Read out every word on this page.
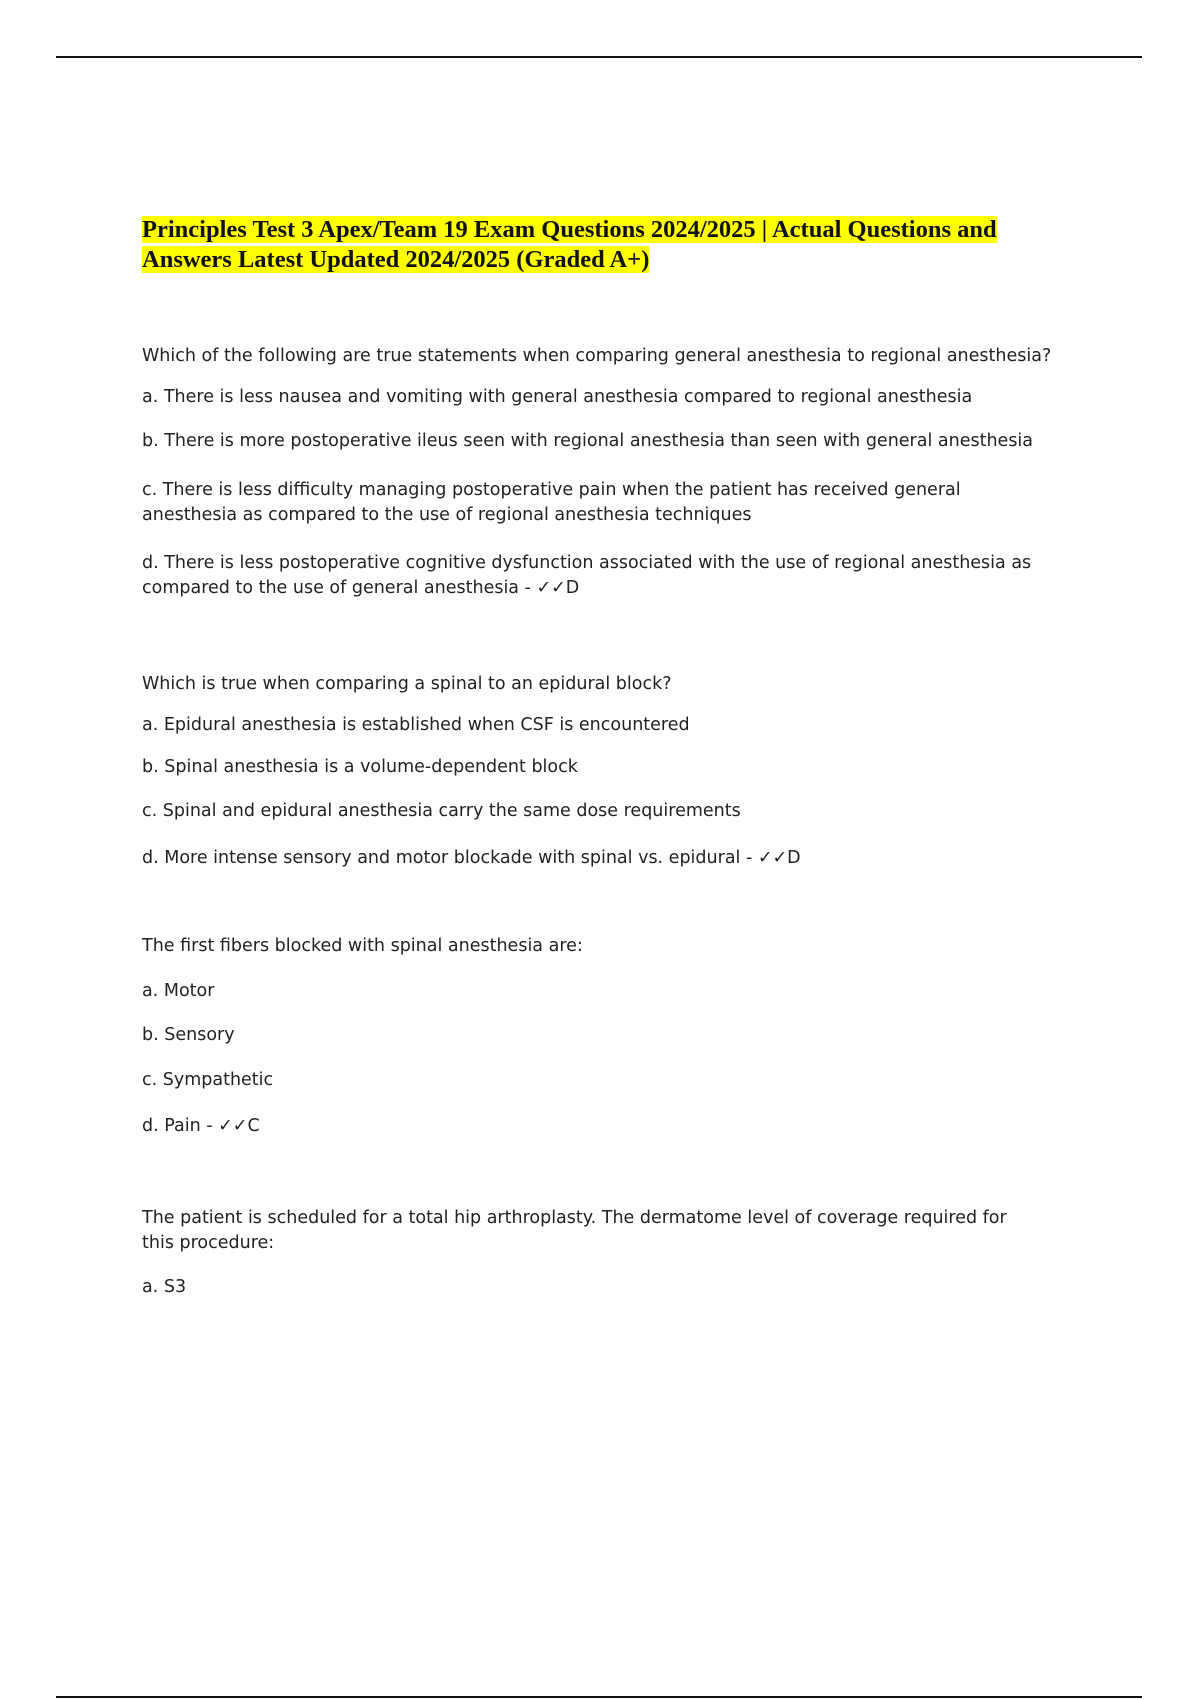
Principles Test 3 Apex/Team 19 Exam Questions 2024/2025 | Actual Questions and Answers Latest Updated 2024/2025 (Graded A+)
Which of the following are true statements when comparing general anesthesia to regional anesthesia?
a. There is less nausea and vomiting with general anesthesia compared to regional anesthesia
b. There is more postoperative ileus seen with regional anesthesia than seen with general anesthesia
c. There is less difficulty managing postoperative pain when the patient has received general anesthesia as compared to the use of regional anesthesia techniques
d. There is less postoperative cognitive dysfunction associated with the use of regional anesthesia as compared to the use of general anesthesia - ✓✓D
Which is true when comparing a spinal to an epidural block?
a. Epidural anesthesia is established when CSF is encountered
b. Spinal anesthesia is a volume-dependent block
c. Spinal and epidural anesthesia carry the same dose requirements
d. More intense sensory and motor blockade with spinal vs. epidural - ✓✓D
The first fibers blocked with spinal anesthesia are:
a. Motor
b. Sensory
c. Sympathetic
d. Pain - ✓✓C
The patient is scheduled for a total hip arthroplasty. The dermatome level of coverage required for this procedure:
a. S3
